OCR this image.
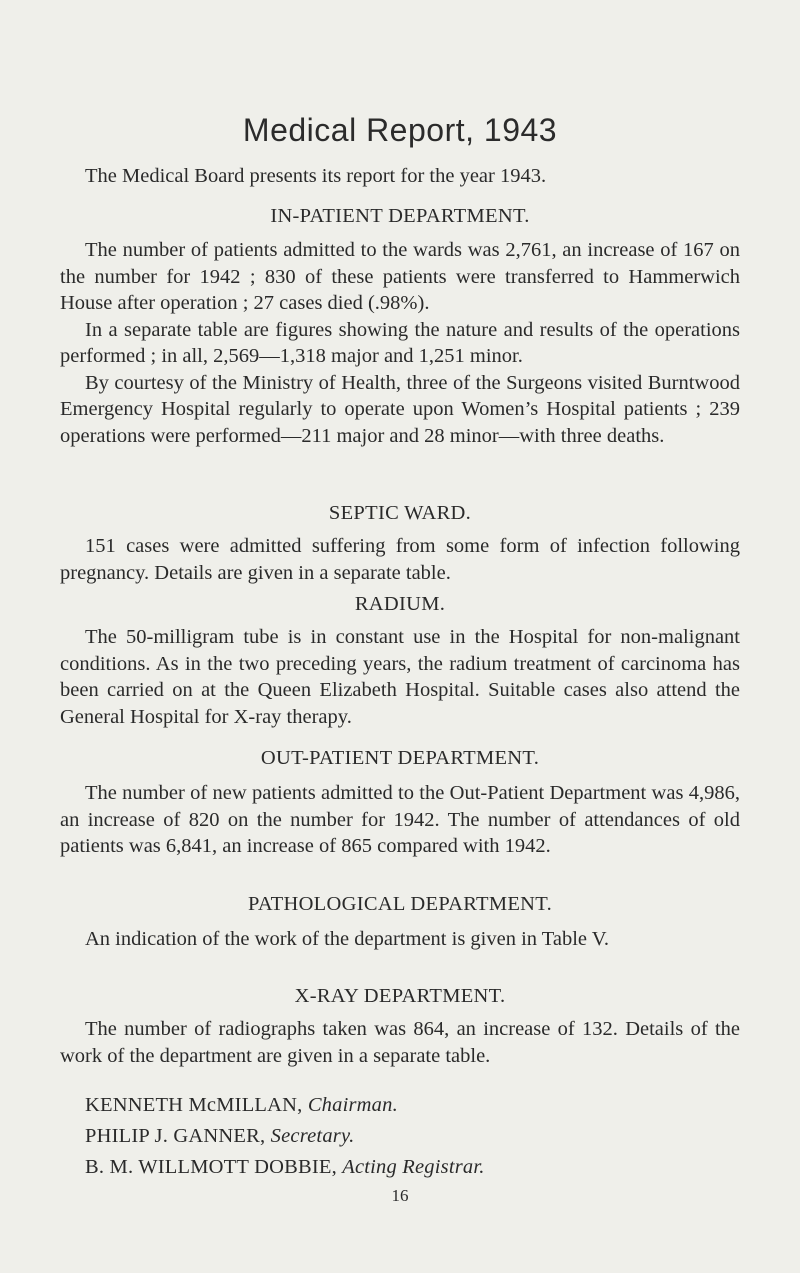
Medical Report, 1943

The Medical Board presents its report for the year 1943.

IN-PATIENT DEPARTMENT.

The number of patients admitted to the wards was 2,761, an increase of 167 on the number for 1942 ; 830 of these patients were transferred to Hammerwich House after operation ; 27 cases died (.98%).

In a separate table are figures showing the nature and results of the operations performed ; in all, 2,569—1,318 major and 1,251 minor.

By courtesy of the Ministry of Health, three of the Surgeons visited Burntwood Emergency Hospital regularly to operate upon Women’s Hospital patients ; 239 operations were performed—211 major and 28 minor—with three deaths.

SEPTIC WARD.

151 cases were admitted suffering from some form of infection following pregnancy. Details are given in a separate table.

RADIUM.

The 50-milligram tube is in constant use in the Hospital for non-malignant conditions. As in the two preceding years, the radium treatment of carcinoma has been carried on at the Queen Elizabeth Hospital. Suitable cases also attend the General Hospital for X-ray therapy.

OUT-PATIENT DEPARTMENT.

The number of new patients admitted to the Out-Patient Department was 4,986, an increase of 820 on the number for 1942. The number of attendances of old patients was 6,841, an increase of 865 compared with 1942.

PATHOLOGICAL DEPARTMENT.

An indication of the work of the department is given in Table V.

X-RAY DEPARTMENT.

The number of radiographs taken was 864, an increase of 132. Details of the work of the department are given in a separate table.

KENNETH McMILLAN, Chairman.
PHILIP J. GANNER, Secretary.
B. M. WILLMOTT DOBBIE, Acting Registrar.
16
